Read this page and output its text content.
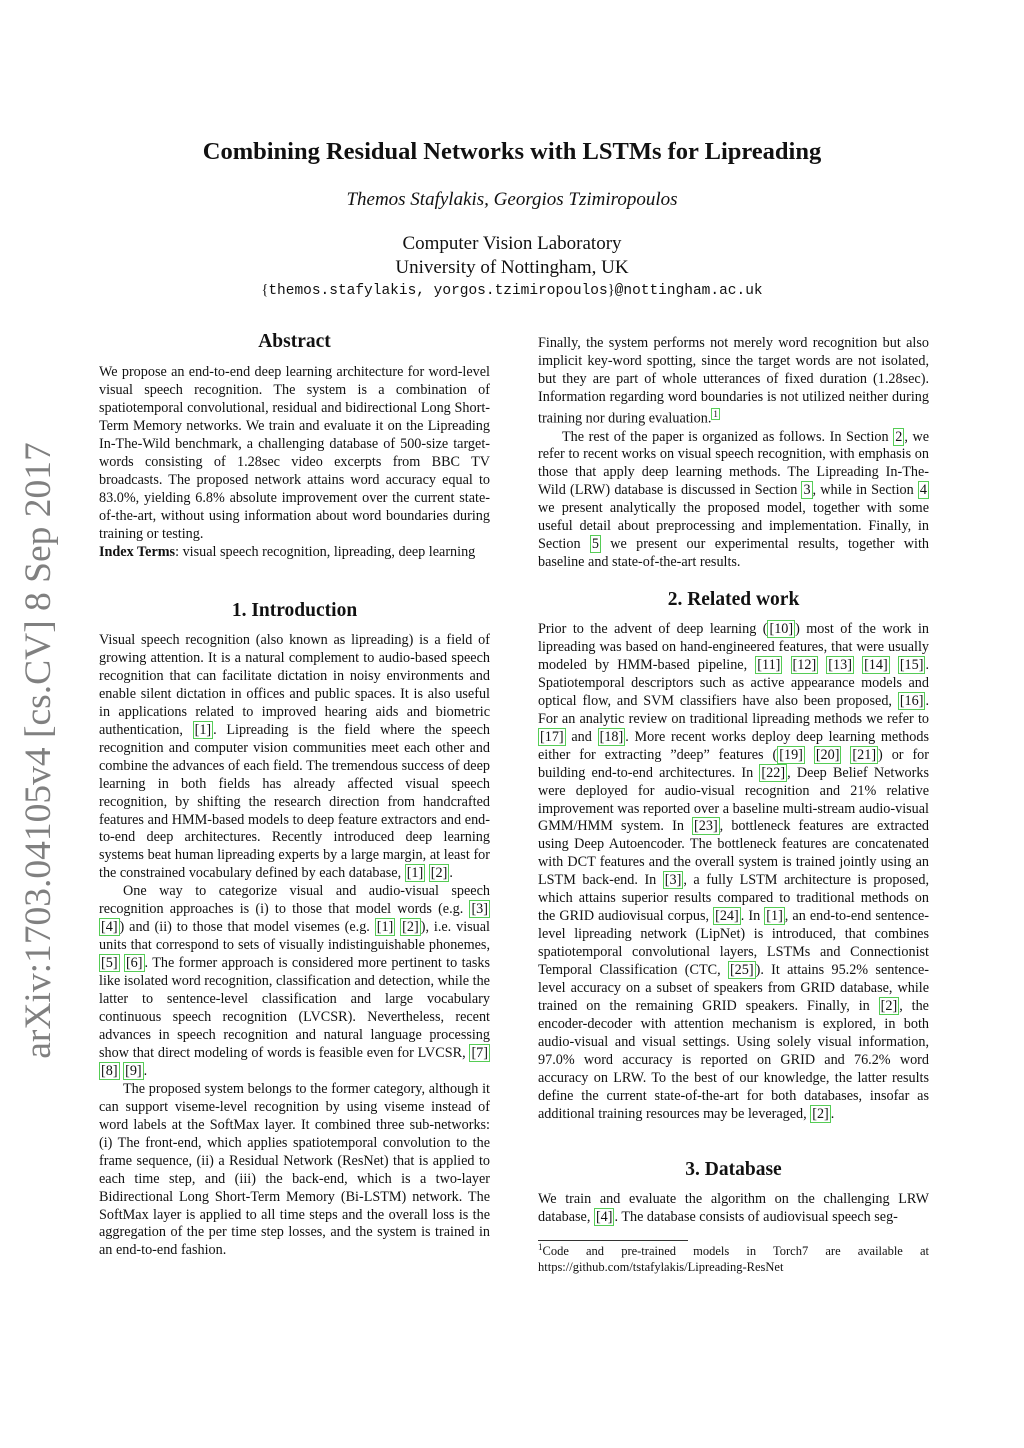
arXiv:1703.04105v4 [cs.CV] 8 Sep 2017
Combining Residual Networks with LSTMs for Lipreading
Themos Stafylakis, Georgios Tzimiropoulos
Computer Vision Laboratory
University of Nottingham, UK
{themos.stafylakis, yorgos.tzimiropoulos}@nottingham.ac.uk
Abstract

We propose an end-to-end deep learning architecture for word-level visual speech recognition. The system is a combination of spatiotemporal convolutional, residual and bidirectional Long Short-Term Memory networks. We train and evaluate it on the Lipreading In-The-Wild benchmark, a challenging database of 500-size target-words consisting of 1.28sec video excerpts from BBC TV broadcasts. The proposed network attains word accuracy equal to 83.0%, yielding 6.8% absolute improvement over the current state-of-the-art, without using information about word boundaries during training or testing.

Index Terms: visual speech recognition, lipreading, deep learning

1. Introduction

Visual speech recognition (also known as lipreading) is a field of growing attention. It is a natural complement to audio-based speech recognition that can facilitate dictation in noisy environments and enable silent dictation in offices and public spaces. It is also useful in applications related to improved hearing aids and biometric authentication, [1] . Lipreading is the field where the speech recognition and computer vision communities meet each other and combine the advances of each field. The tremendous success of deep learning in both fields has already affected visual speech recognition, by shifting the research direction from handcrafted features and HMM-based models to deep feature extractors and end-to-end deep architectures. Recently introduced deep learning systems beat human lipreading experts by a large margin, at least for the constrained vocabulary defined by each database, [1] [2] .

One way to categorize visual and audio-visual speech recognition approaches is (i) to those that model words (e.g. [3] [4] ) and (ii) to those that model visemes (e.g. [1] [2] ), i.e. visual units that correspond to sets of visually indistinguishable phonemes, [5] [6] . The former approach is considered more pertinent to tasks like isolated word recognition, classification and detection, while the latter to sentence-level classification and large vocabulary continuous speech recognition (LVCSR). Nevertheless, recent advances in speech recognition and natural language processing show that direct modeling of words is feasible even for LVCSR, [7] [8] [9] .

The proposed system belongs to the former category, although it can support viseme-level recognition by using viseme instead of word labels at the SoftMax layer. It combined three sub-networks: (i) The front-end, which applies spatiotemporal convolution to the frame sequence, (ii) a Residual Network (ResNet) that is applied to each time step, and (iii) the back-end, which is a two-layer Bidirectional Long Short-Term Memory (Bi-LSTM) network. The SoftMax layer is applied to all time steps and the overall loss is the aggregation of the per time step losses, and the system is trained in an end-to-end fashion.

Finally, the system performs not merely word recognition but also implicit key-word spotting, since the target words are not isolated, but they are part of whole utterances of fixed duration (1.28sec). Information regarding word boundaries is not utilized neither during training nor during evaluation. $^1$

The rest of the paper is organized as follows. In Section 2 , we refer to recent works on visual speech recognition, with emphasis on those that apply deep learning methods. The Lipreading In-The-Wild (LRW) database is discussed in Section 3 , while in Section 4 we present analytically the proposed model, together with some useful detail about preprocessing and implementation. Finally, in Section 5 we present our experimental results, together with baseline and state-of-the-art results.

2. Related work

Prior to the advent of deep learning ( [10] ) most of the work in lipreading was based on hand-engineered features, that were usually modeled by HMM-based pipeline, [11] [12] [13] [14] [15] . Spatiotemporal descriptors such as active appearance models and optical flow, and SVM classifiers have also been proposed, [16] . For an analytic review on traditional lipreading methods we refer to [17] and [18] . More recent works deploy deep learning methods either for extracting ”deep” features ( [19] [20] [21] ) or for building end-to-end architectures. In [22] , Deep Belief Networks were deployed for audio-visual recognition and 21% relative improvement was reported over a baseline multi-stream audio-visual GMM/HMM system. In [23] , bottleneck features are extracted using Deep Autoencoder. The bottleneck features are concatenated with DCT features and the overall system is trained jointly using an LSTM back-end. In [3] , a fully LSTM architecture is proposed, which attains superior results compared to traditional methods on the GRID audiovisual corpus, [24] . In [1] , an end-to-end sentence-level lipreading network (LipNet) is introduced, that combines spatiotemporal convolutional layers, LSTMs and Connectionist Temporal Classification (CTC, [25] ). It attains 95.2% sentence-level accuracy on a subset of speakers from GRID database, while trained on the remaining GRID speakers. Finally, in [2] , the encoder-decoder with attention mechanism is explored, in both audio-visual and visual settings. Using solely visual information, 97.0% word accuracy is reported on GRID and 76.2% word accuracy on LRW. To the best of our knowledge, the latter results define the current state-of-the-art for both databases, insofar as additional training resources may be leveraged, [2] .

3. Database

We train and evaluate the algorithm on the challenging LRW database, [4] . The database consists of audiovisual speech seg-

$^1$Code and pre-trained models in Torch7 are available at https://github.com/tstafylakis/Lipreading-ResNet
